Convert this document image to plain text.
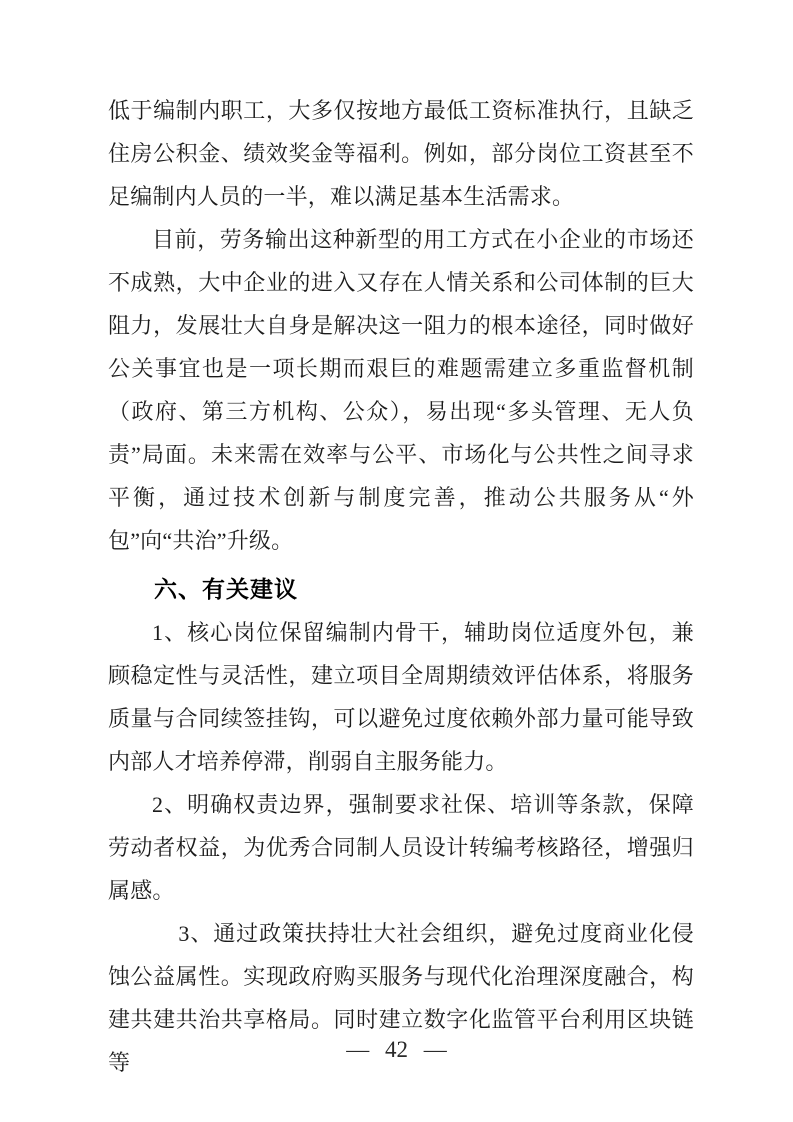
低于编制内职工，大多仅按地方最低工资标准执行，且缺乏住房公积金、绩效奖金等福利。例如，部分岗位工资甚至不足编制内人员的一半，难以满足基本生活需求。

目前，劳务输出这种新型的用工方式在小企业的市场还不成熟，大中企业的进入又存在人情关系和公司体制的巨大阻力，发展壮大自身是解决这一阻力的根本途径，同时做好公关事宜也是一项长期而艰巨的难题需建立多重监督机制（政府、第三方机构、公众），易出现“多头管理、无人负责”局面。未来需在效率与公平、市场化与公共性之间寻求平衡，通过技术创新与制度完善，推动公共服务从“外包”向“共治”升级。

六、有关建议

1、核心岗位保留编制内骨干，辅助岗位适度外包，兼顾稳定性与灵活性，建立项目全周期绩效评估体系，将服务质量与合同续签挂钩，可以避免过度依赖外部力量可能导致内部人才培养停滞，削弱自主服务能力。

2、明确权责边界，强制要求社保、培训等条款，保障劳动者权益，为优秀合同制人员设计转编考核路径，增强归属感。

3、通过政策扶持壮大社会组织，避免过度商业化侵蚀公益属性。实现政府购买服务与现代化治理深度融合，构建共建共治共享格局。同时建立数字化监管平台利用区块链等

— 42 —
